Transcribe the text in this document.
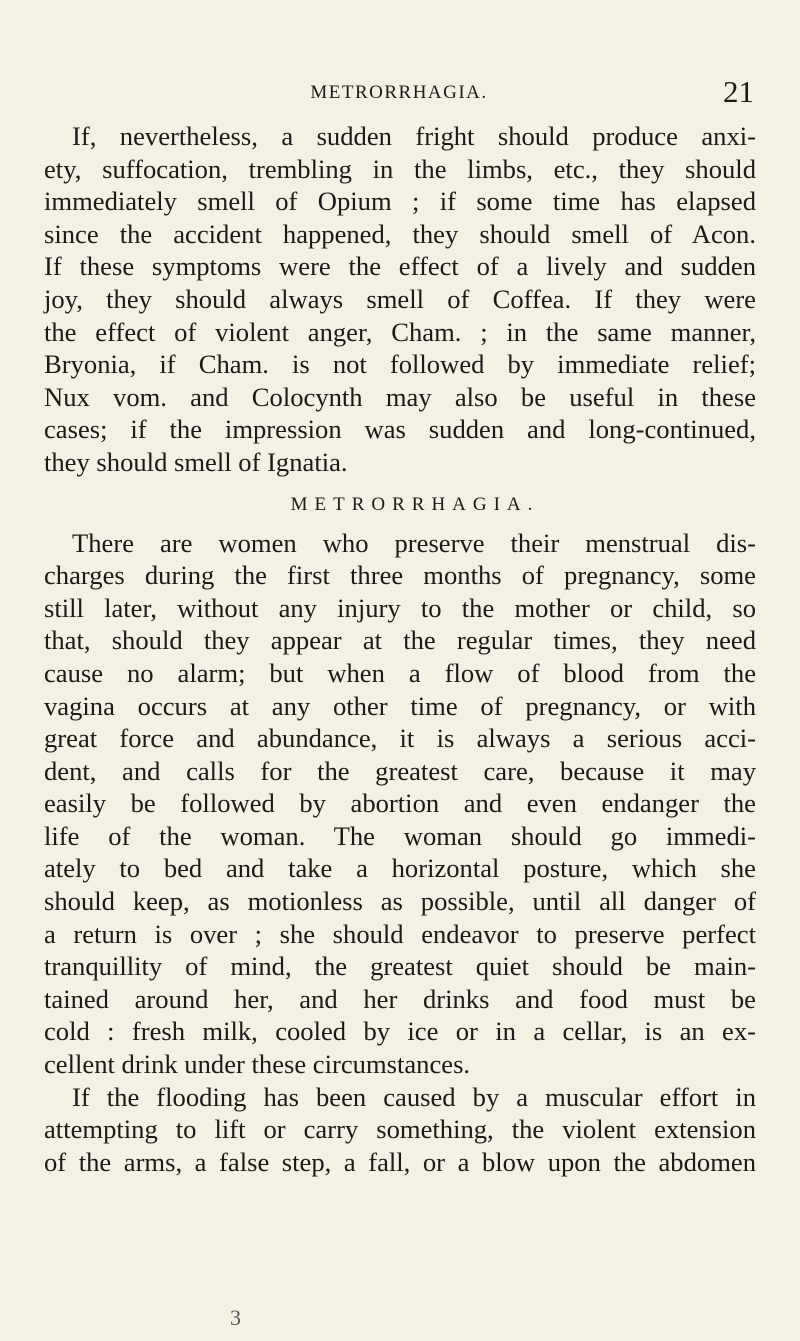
METRORRHAGIA.	21
If, nevertheless, a sudden fright should produce anxi-
ety, suffocation, trembling in the limbs, etc., they should
immediately smell of Opium ; if some time has elapsed
since the accident happened, they should smell of Acon.
If these symptoms were the effect of a lively and sudden
joy, they should always smell of Coffea. If they were
the effect of violent anger, Cham. ; in the same manner,
Bryonia, if Cham. is not followed by immediate relief;
Nux vom. and Colocynth may also be useful in these
cases; if the impression was sudden and long-continued,
they should smell of Ignatia.
METRORRHAGIA.
There are women who preserve their menstrual dis-
charges during the first three months of pregnancy, some
still later, without any injury to the mother or child, so
that, should they appear at the regular times, they need
cause no alarm; but when a flow of blood from the
vagina occurs at any other time of pregnancy, or with
great force and abundance, it is always a serious acci-
dent, and calls for the greatest care, because it may
easily be followed by abortion and even endanger the
life of the woman. The woman should go immedi-
ately to bed and take a horizontal posture, which she
should keep, as motionless as possible, until all danger of
a return is over ; she should endeavor to preserve perfect
tranquillity of mind, the greatest quiet should be main-
tained around her, and her drinks and food must be
cold : fresh milk, cooled by ice or in a cellar, is an ex-
cellent drink under these circumstances.
If the flooding has been caused by a muscular effort in
attempting to lift or carry something, the violent extension
of the arms, a false step, a fall, or a blow upon the abdomen
3
